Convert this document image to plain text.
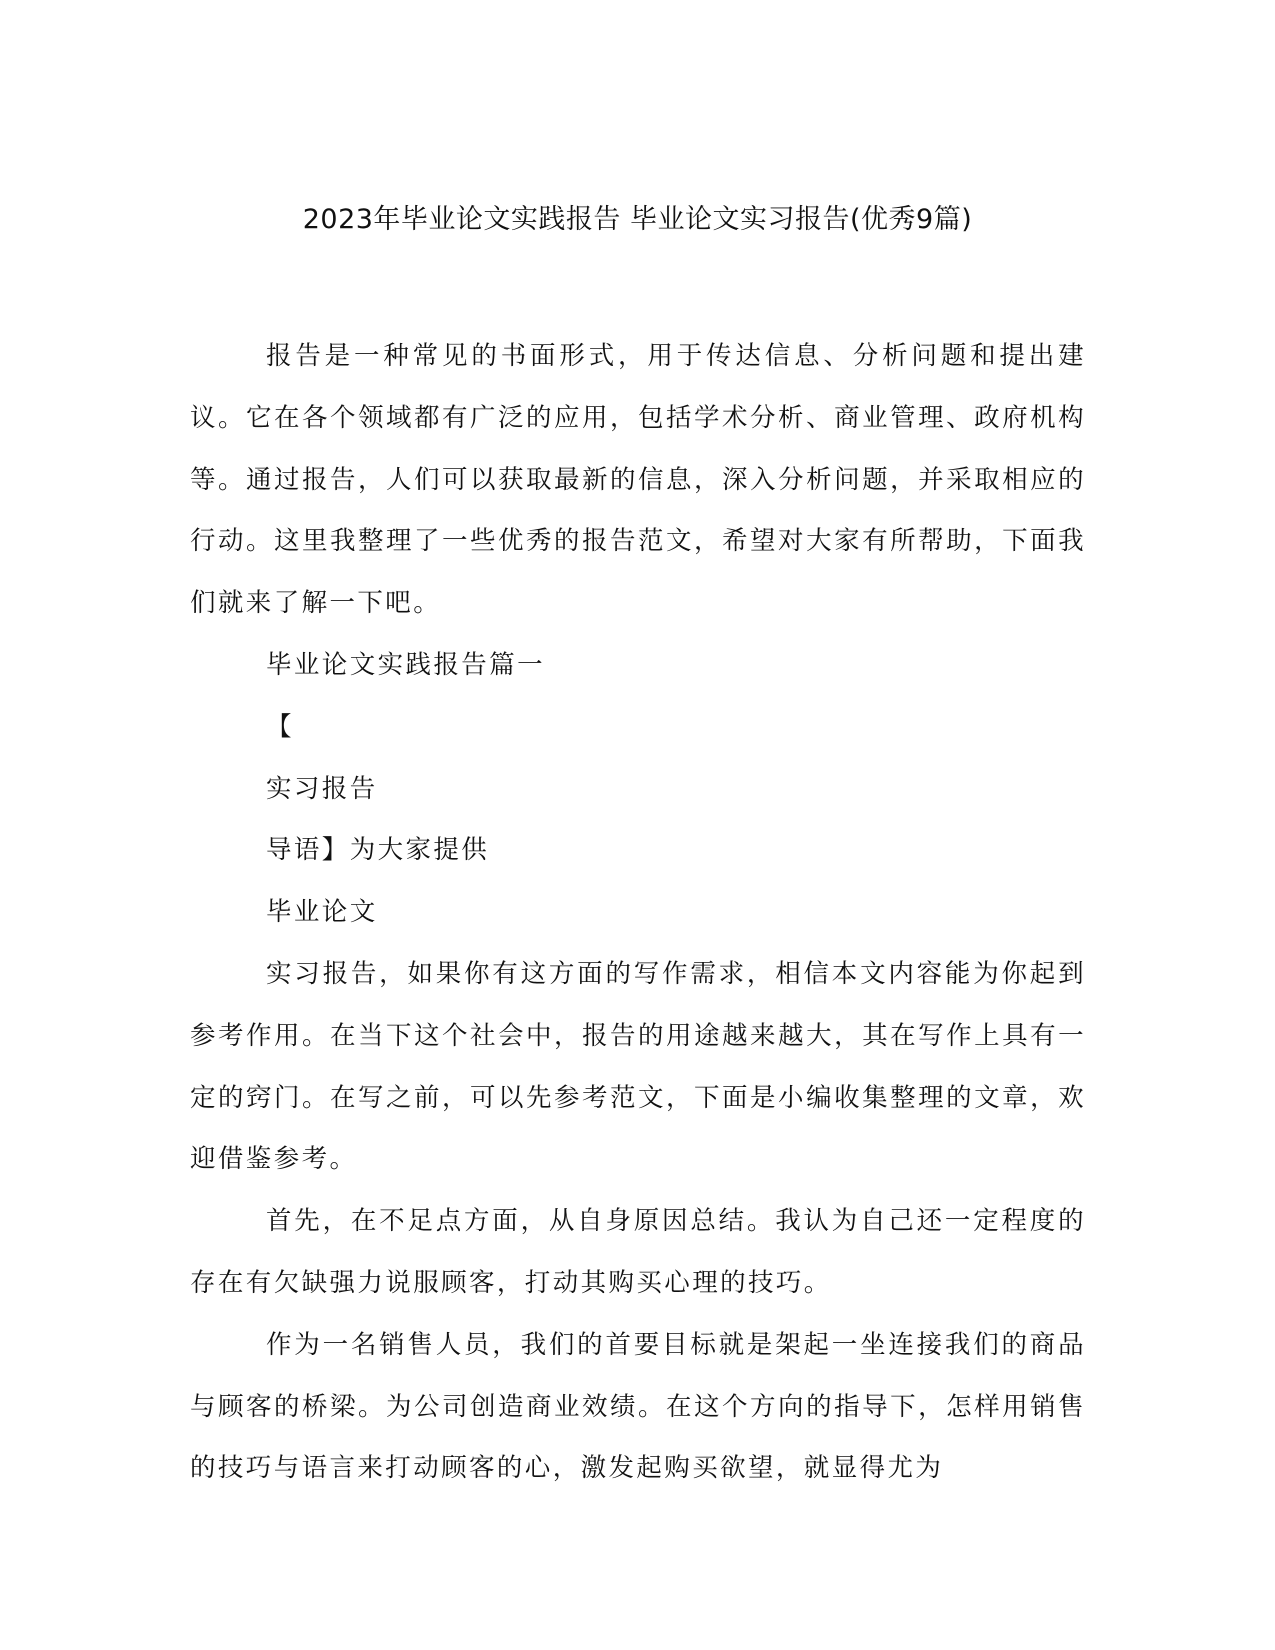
2023年毕业论文实践报告 毕业论文实习报告(优秀9篇)

报告是一种常见的书面形式，用于传达信息、分析问题和提出建议。它在各个领域都有广泛的应用，包括学术分析、商业管理、政府机构等。通过报告，人们可以获取最新的信息，深入分析问题，并采取相应的行动。这里我整理了一些优秀的报告范文，希望对大家有所帮助，下面我们就来了解一下吧。

毕业论文实践报告篇一

【

实习报告

导语】为大家提供

毕业论文

实习报告，如果你有这方面的写作需求，相信本文内容能为你起到参考作用。在当下这个社会中，报告的用途越来越大，其在写作上具有一定的窍门。在写之前，可以先参考范文，下面是小编收集整理的文章，欢迎借鉴参考。

首先，在不足点方面，从自身原因总结。我认为自己还一定程度的存在有欠缺强力说服顾客，打动其购买心理的技巧。

作为一名销售人员，我们的首要目标就是架起一坐连接我们的商品与顾客的桥梁。为公司创造商业效绩。在这个方向的指导下，怎样用销售的技巧与语言来打动顾客的心，激发起购买欲望，就显得尤为
